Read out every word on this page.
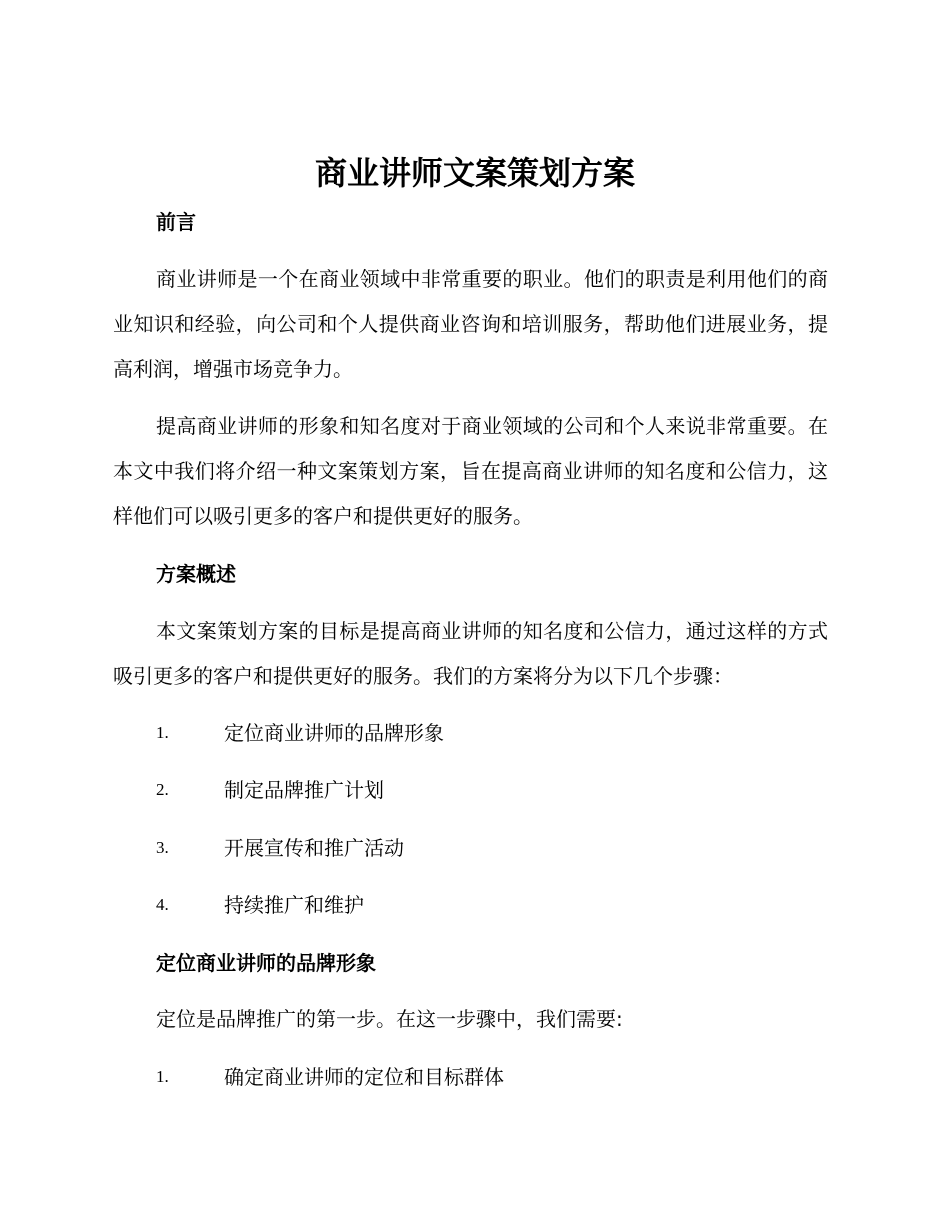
商业讲师文案策划方案
前言

商业讲师是一个在商业领域中非常重要的职业。他们的职责是利用他们的商业知识和经验，向公司和个人提供商业咨询和培训服务，帮助他们进展业务，提高利润，增强市场竞争力。

提高商业讲师的形象和知名度对于商业领域的公司和个人来说非常重要。在本文中我们将介绍一种文案策划方案，旨在提高商业讲师的知名度和公信力，这样他们可以吸引更多的客户和提供更好的服务。

方案概述

本文案策划方案的目标是提高商业讲师的知名度和公信力，通过这样的方式吸引更多的客户和提供更好的服务。我们的方案将分为以下几个步骤：

1.	定位商业讲师的品牌形象
2.	制定品牌推广计划
3.	开展宣传和推广活动
4.	持续推广和维护
定位商业讲师的品牌形象

定位是品牌推广的第一步。在这一步骤中，我们需要:

1.	确定商业讲师的定位和目标群体
